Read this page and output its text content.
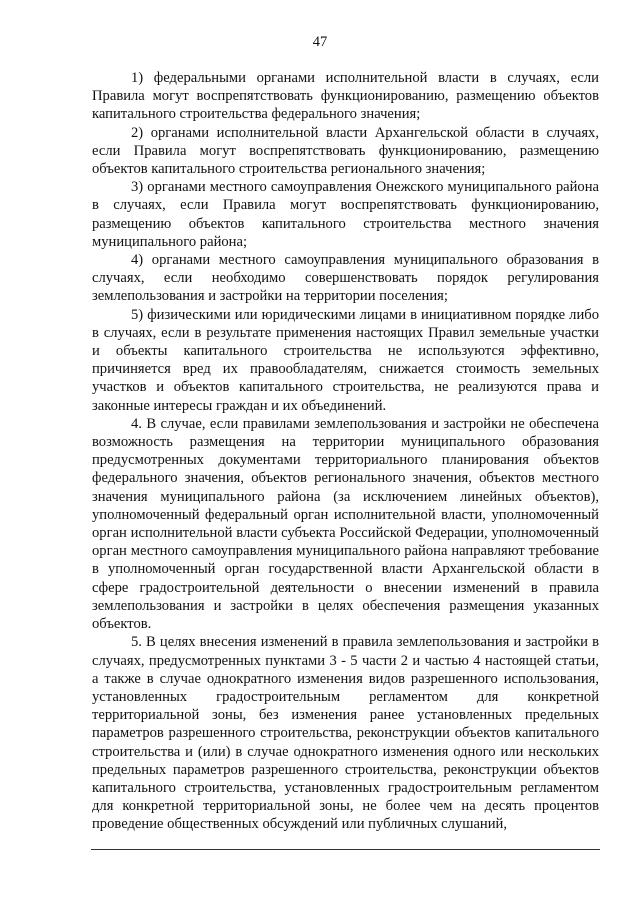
47

1) федеральными органами исполнительной власти в случаях, если Правила могут воспрепятствовать функционированию, размещению объектов капитального строительства федерального значения;

2) органами исполнительной власти Архангельской области в случаях, если Правила могут воспрепятствовать функционированию, размещению объектов капитального строительства регионального значения;

3) органами местного самоуправления Онежского муниципального района в случаях, если Правила могут воспрепятствовать функционированию, размещению объектов капитального строительства местного значения муниципального района;

4) органами местного самоуправления муниципального образования в случаях, если необходимо совершенствовать порядок регулирования землепользования и застройки на территории поселения;

5) физическими или юридическими лицами в инициативном порядке либо в случаях, если в результате применения настоящих Правил земельные участки и объекты капитального строительства не используются эффективно, причиняется вред их правообладателям, снижается стоимость земельных участков и объектов капитального строительства, не реализуются права и законные интересы граждан и их объединений.

4. В случае, если правилами землепользования и застройки не обеспечена возможность размещения на территории муниципального образования предусмотренных документами территориального планирования объектов федерального значения, объектов регионального значения, объектов местного значения муниципального района (за исключением линейных объектов), уполномоченный федеральный орган исполнительной власти, уполномоченный орган исполнительной власти субъекта Российской Федерации, уполномоченный орган местного самоуправления муниципального района направляют требование в уполномоченный орган государственной власти Архангельской области в сфере градостроительной деятельности о внесении изменений в правила землепользования и застройки в целях обеспечения размещения указанных объектов.

5. В целях внесения изменений в правила землепользования и застройки в случаях, предусмотренных пунктами 3 - 5 части 2 и частью 4 настоящей статьи, а также в случае однократного изменения видов разрешенного использования, установленных градостроительным регламентом для конкретной территориальной зоны, без изменения ранее установленных предельных параметров разрешенного строительства, реконструкции объектов капитального строительства и (или) в случае однократного изменения одного или нескольких предельных параметров разрешенного строительства, реконструкции объектов капитального строительства, установленных градостроительным регламентом для конкретной территориальной зоны, не более чем на десять процентов проведение общественных обсуждений или публичных слушаний,
